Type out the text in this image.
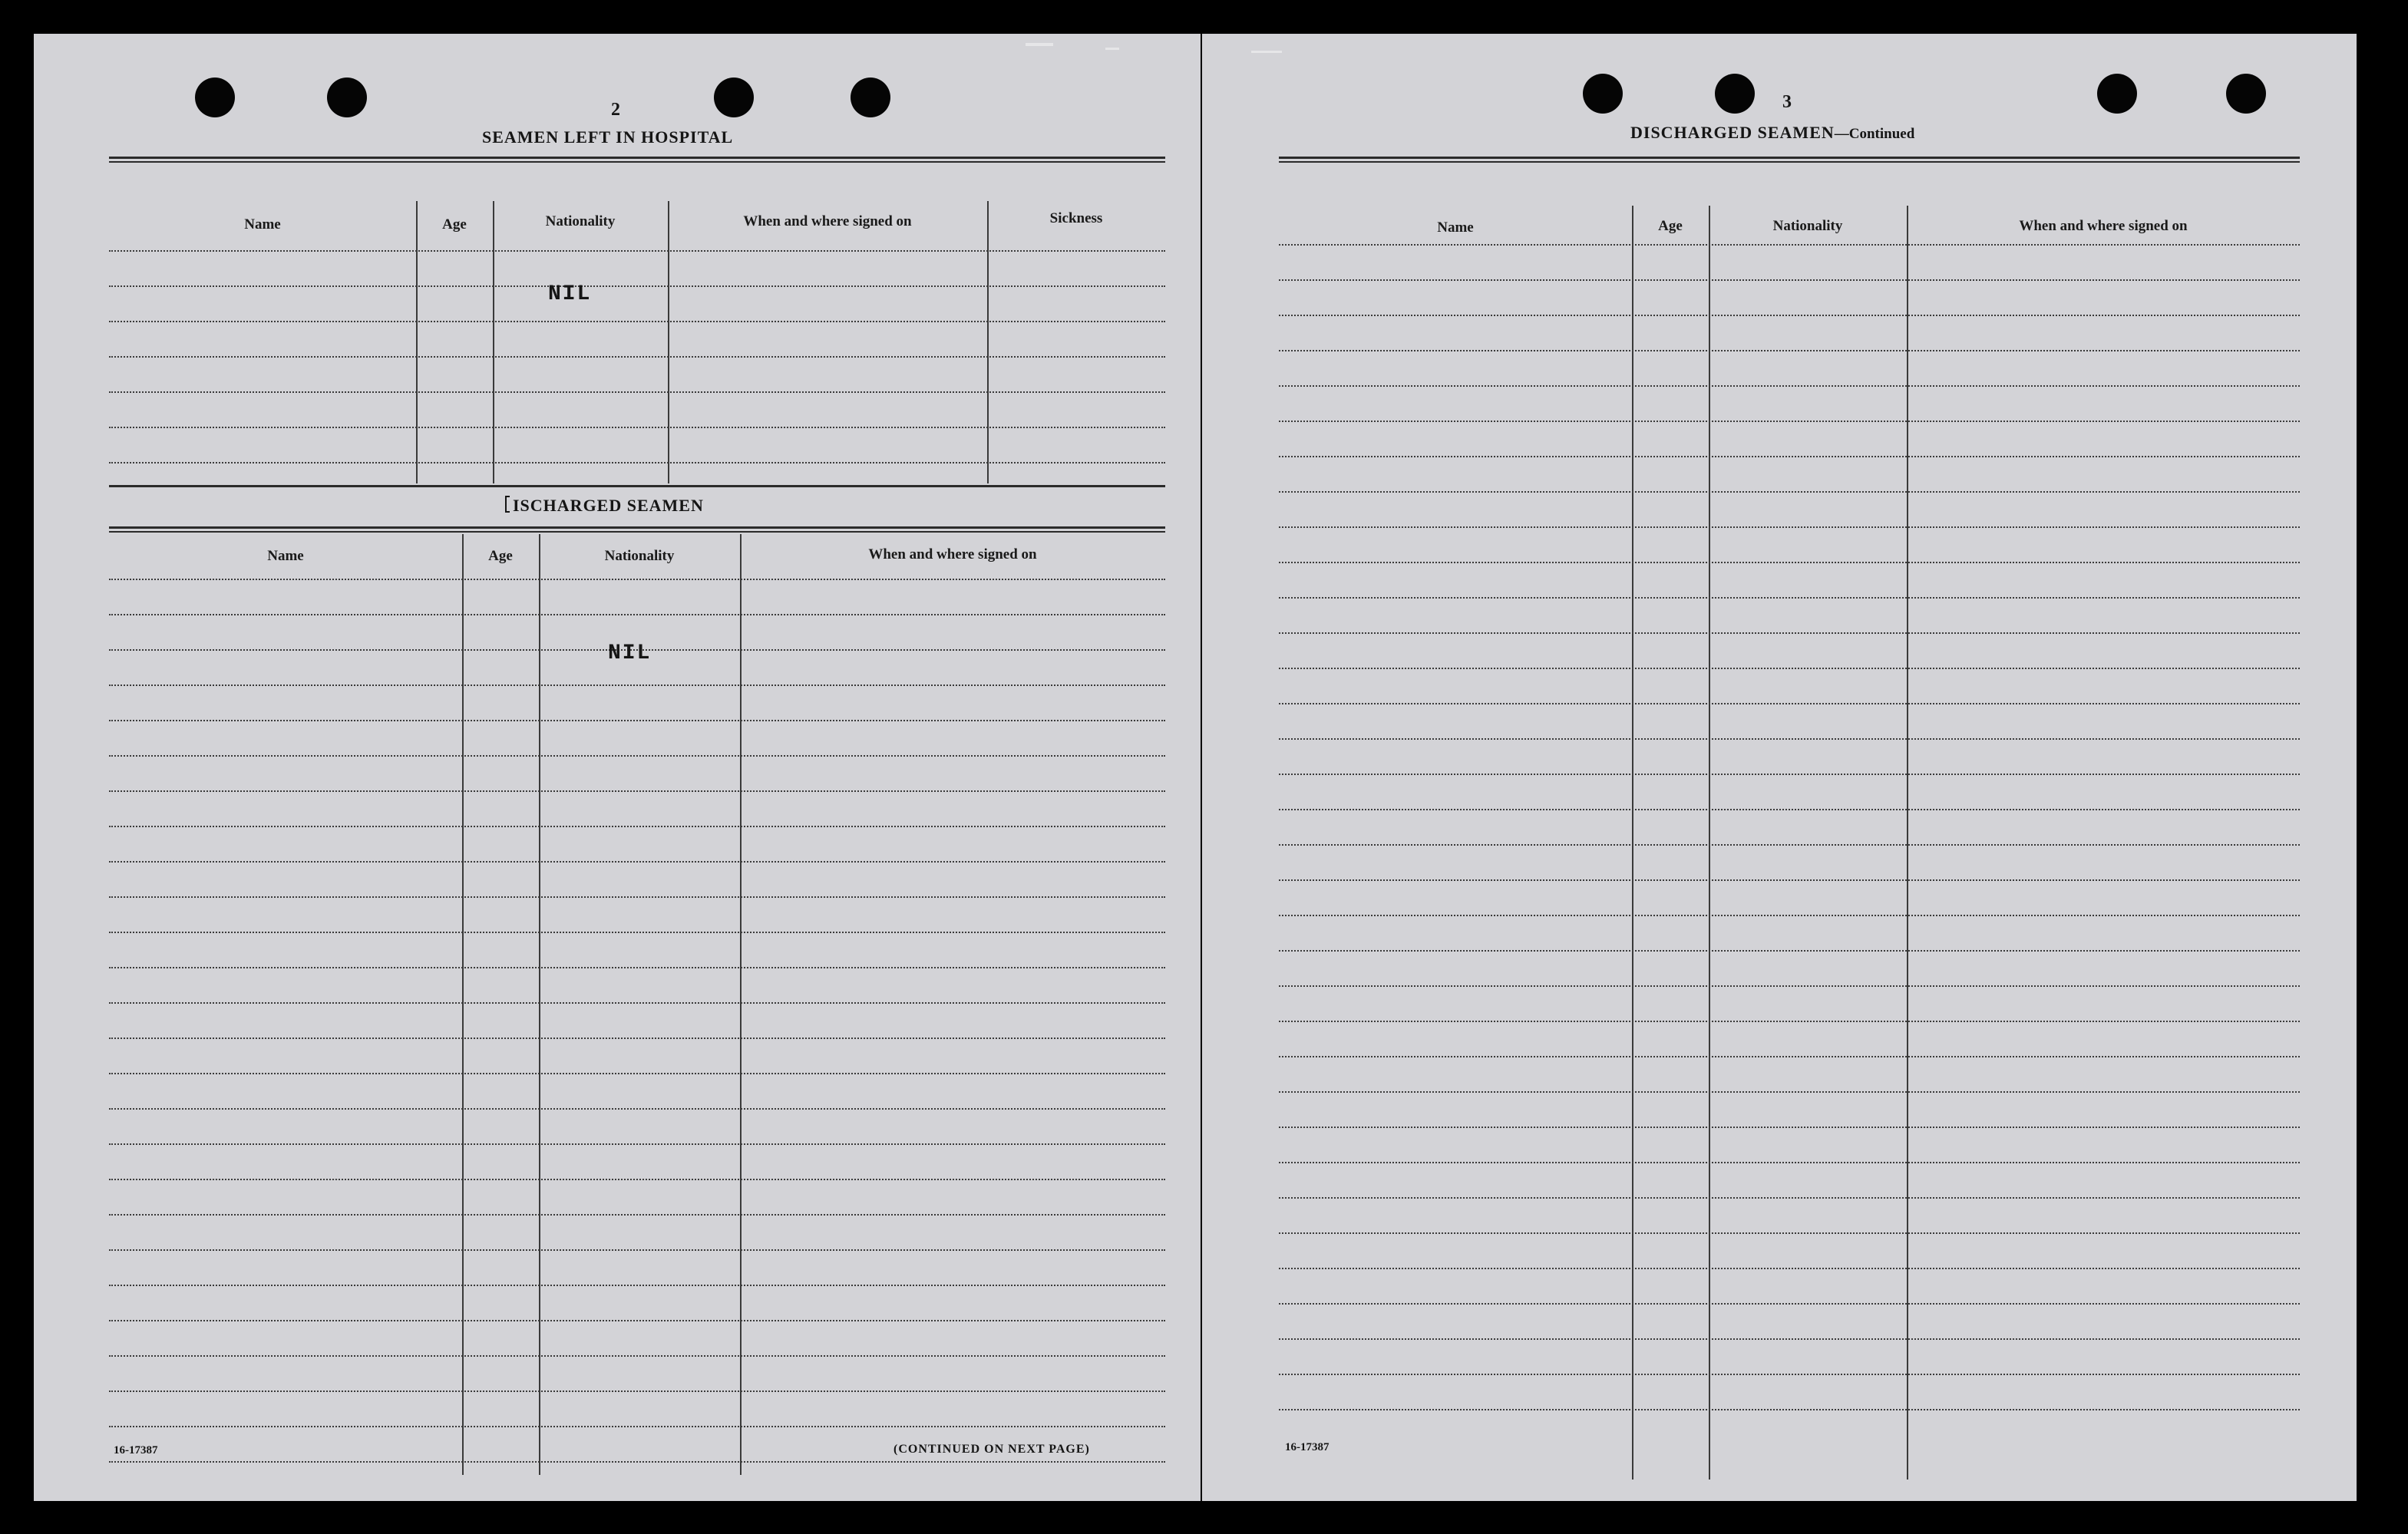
2
SEAMEN LEFT IN HOSPITAL
Name	Age	Nationality	When and where signed on	Sickness
NIL
ISCHARGED SEAMEN
Name	Age	Nationality	When and where signed on
NIL
16-17387	(CONTINUED ON NEXT PAGE)
3
DISCHARGED SEAMEN—Continued
Name	Age	Nationality	When and where signed on
16-17387
